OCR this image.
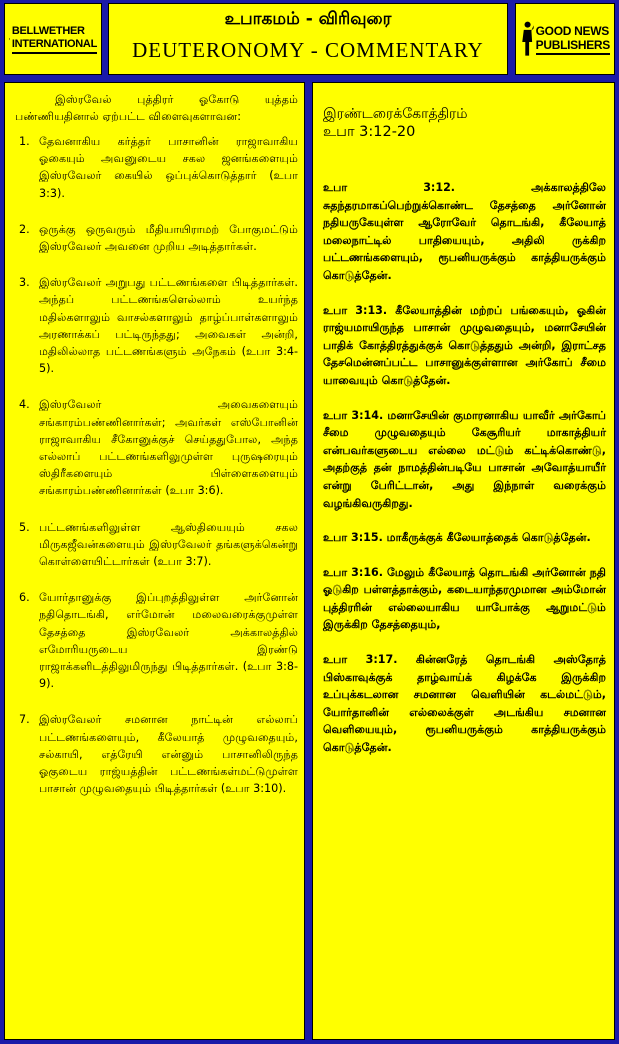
BELLWETHER
INTERNATIONAL
உபாகமம் - விரிவுரை
DEUTERONOMY - COMMENTARY
GOOD NEWS
PUBLISHERS

இஸ்ரவேல் புத்திரர் ஓகோடு யுத்தம் பண்ணியதினால் ஏற்பட்ட விளைவுகளாவன:

1. தேவனாகிய கர்த்தர் பாசானின் ராஜாவாகிய ஓகையும் அவனுடைய சகல ஜனங்களையும் இஸ்ரவேலர் கையில் ஒப்புக்கொடுத்தார் (உபா 3:3).
2. ஒருக்கு ஒருவரும் மீதியாயிராமற் போகுமட்டும் இஸ்ரவேலர் அவனை முறிய அடித்தார்கள்.
3. இஸ்ரவேலர் அறுபது பட்டணங்களை பிடித்தார்கள். அந்தப் பட்டணங்களெல்லாம் உயர்ந்த மதில்களாலும் வாசல்களாலும் தாழ்ப்பாள்களாலும் அரணாக்கப் பட்டிருந்தது; அவைகள் அன்றி, மதிலில்லாத பட்டணங்களும் அநேகம் (உபா 3:4-5).
4. இஸ்ரவேலர் அவைகளையும் சங்காரம்பண்ணினார்கள்; அவர்கள் எஸ்போனின் ராஜாவாகிய சீகோனுக்குச் செய்ததுபோல, அந்த எல்லாப் பட்டணங்களிலுமுள்ள புருஷரையும் ஸ்திரீகளையும் பிள்ளைகளையும் சங்காரம்பண்ணினார்கள் (உபா 3:6).
5. பட்டணங்களிலுள்ள ஆஸ்தியையும் சகல மிருகஜீவன்களையும் இஸ்ரவேலர் தங்களுக்கென்று கொள்ளையிட்டார்கள் (உபா 3:7).
6. யோர்தானுக்கு இப்புறத்திலுள்ள அர்னோன் நதிதொடங்கி, எர்மோன் மலைவரைக்குமுள்ள தேசத்தை இஸ்ரவேலர் அக்காலத்தில் எமோரியருடைய இரண்டு ராஜாக்களிடத்திலுமிருந்து பிடித்தார்கள். (உபா 3:8-9).
7. இஸ்ரவேலர் சமனான நாட்டின் எல்லாப் பட்டணங்களையும், கீலேயாத் முழுவதையும், சல்காயி, எத்ரேயி என்னும் பாசானிலிருந்த ஓகுடைய ராஜ்யத்தின் பட்டணங்கள்மட்டுமுள்ள பாசான் முழுவதையும் பிடித்தார்கள் (உபா 3:10).

இரண்டரைக்கோத்திரம்

உபா 3:12-20

உபா 3:12. அக்காலத்திலே சுதந்தரமாகப்பெற்றுக்கொண்ட தேசத்தை அர்னோன் நதியருகேயுள்ள ஆரோவேர் தொடங்கி, கீலேயாத் மலைநாட்டில் பாதியையும், அதிலி ருக்கிற பட்டணங்களையும், ரூபனியருக்கும் காத்தியருக்கும் கொடுத்தேன்.

உபா 3:13. கீலேயாத்தின் மற்றப் பங்கையும், ஓகின் ராஜ்யமாயிருந்த பாசான் முழுவதையும், மனாசேயின் பாதிக் கோத்திரத்துக்குக் கொடுத்ததும் அன்றி, இராட்சத தேசமென்னப்பட்ட பாசானுக்குள்ளான அர்கோப் சீமை யாவையும் கொடுத்தேன்.

உபா 3:14. மனாசேயின் குமாரனாகிய யாவீர் அர்கோப் சீமை முழுவதையும் கேசூரியர் மாகாத்தியர் என்பவர்களுடைய எல்லை மட்டும் கட்டிக்கொண்டு, அதற்குத் தன் நாமத்தின்படியே பாசான் அவோத்யாயீர் என்று பேரிட்டான், அது இந்நாள் வரைக்கும் வழங்கிவருகிறது.

உபா 3:15. மாகீருக்குக் கீலேயாத்தைக் கொடுத்தேன்.

உபா 3:16. மேலும் கீலேயாத் தொடங்கி அர்னோன் நதி ஓடுகிற பள்ளத்தாக்கும், கடையாந்தரமுமான அம்மோன் புத்திரரின் எல்லையாகிய யாபோக்கு ஆறுமட்டும் இருக்கிற தேசத்தையும்,

உபா 3:17. கின்னரேத் தொடங்கி அஸ்தோத் பிஸ்காவுக்குக் தாழ்வாய்க் கிழக்கே இருக்கிற உப்புக்கடலான சமனான வெளியின் கடல்மட்டும், யோர்தானின் எல்லைக்குள் அடங்கிய சமனான வெளியையும், ரூபனியருக்கும் காத்தியருக்கும் கொடுத்தேன்.
